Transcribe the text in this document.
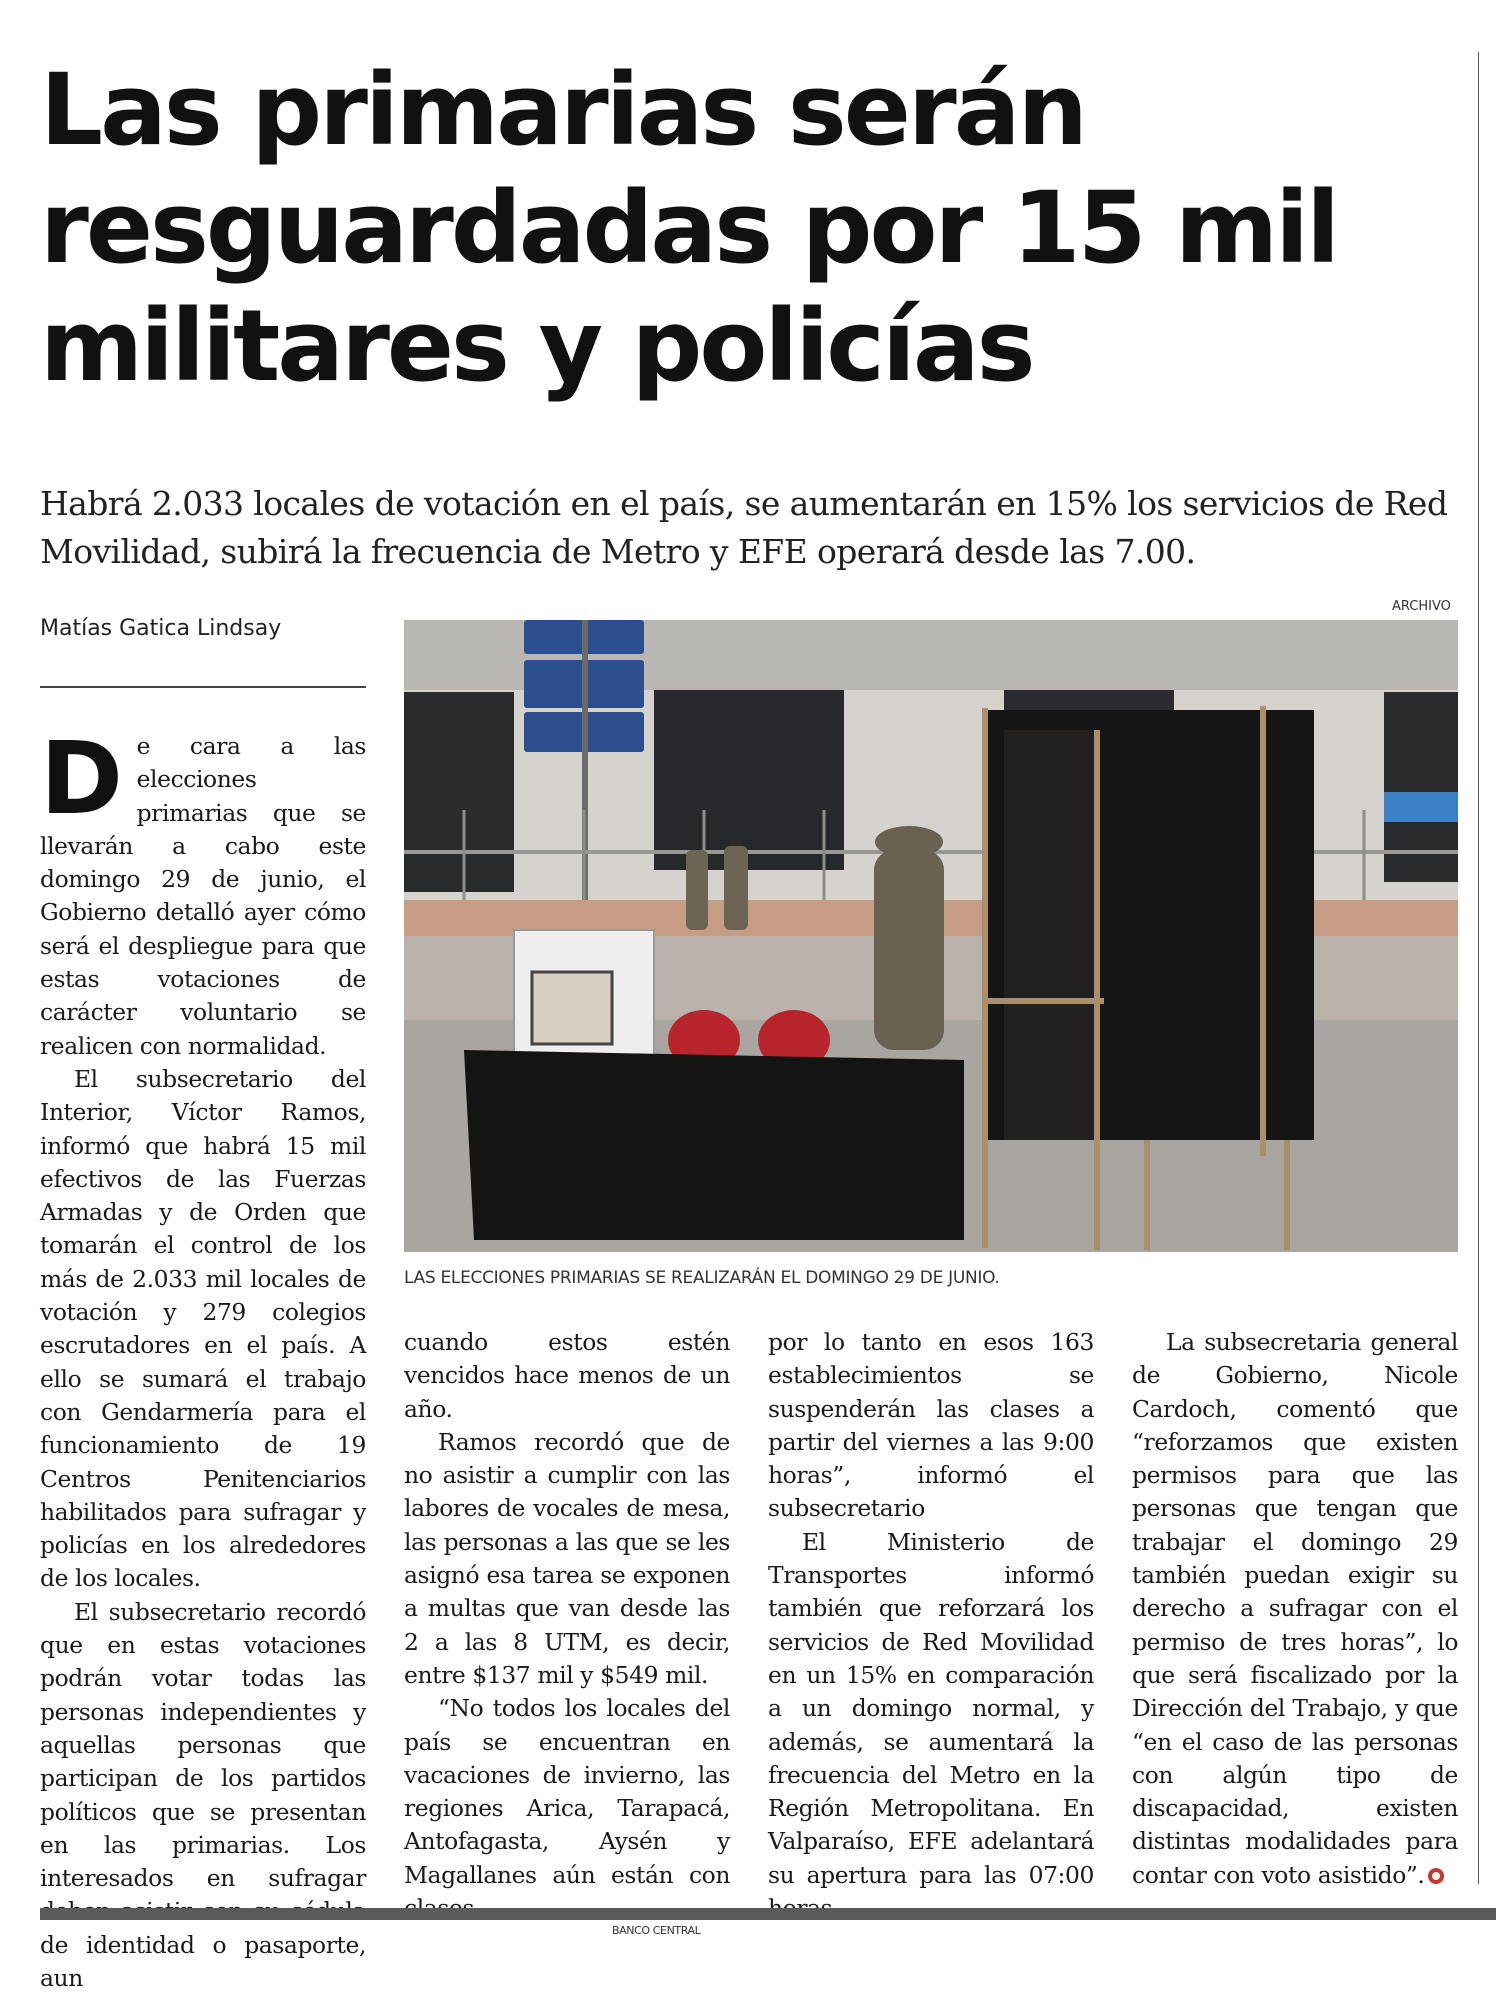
Las primarias serán resguardadas por 15 mil militares y policías

Habrá 2.033 locales de votación en el país, se aumentarán en 15% los servicios de Red Movilidad, subirá la frecuencia de Metro y EFE operará desde las 7.00.

Matías Gatica Lindsay
ARCHIVO
LAS ELECCIONES PRIMARIAS SE REALIZARÁN EL DOMINGO 29 DE JUNIO.
D e cara a las elecciones primarias que se llevarán a cabo este domingo 29 de junio, el Gobierno detalló ayer cómo será el despliegue para que estas votaciones de carácter voluntario se realicen con normalidad.

El subsecretario del Interior, Víctor Ramos, informó que habrá 15 mil efectivos de las Fuerzas Armadas y de Orden que tomarán el control de los más de 2.033 mil locales de votación y 279 colegios escrutadores en el país. A ello se sumará el trabajo con Gendarmería para el funcionamiento de 19 Centros Penitenciarios habilitados para sufragar y policías en los alrededores de los locales.

El subsecretario recordó que en estas votaciones podrán votar todas las personas independientes y aquellas personas que participan de los partidos políticos que se presentan en las primarias. Los interesados en sufragar de identidad o pasaporte, aun

cuando estos estén vencidos hace menos de un año.

Ramos recordó que de no asistir a cumplir con las labores de vocales de mesa, las personas a las que se les asignó esa tarea se exponen a multas que van desde las 2 a las 8 UTM, es decir, entre $137 mil y $549 mil.

“No todos los locales del país se encuentran en vacaciones de invierno, las regiones Arica, Tarapacá, Antofagasta, Aysén y Magallanes aún están con

por lo tanto en esos 163 establecimientos se suspenderán las clases a partir del viernes a las 9:00 horas”, informó el subsecretario

El Ministerio de Transportes informó también que reforzará los servicios de Red Movilidad en un 15% en comparación a un domingo normal, y además, se aumentará la frecuencia del Metro en la Región Metropolitana. En Valparaíso, EFE adelantará su apertura para las 07:00

La subsecretaria general de Gobierno, Nicole Cardoch, comentó que “reforzamos que existen permisos para que las personas que tengan que trabajar el domingo 29 también puedan exigir su derecho a sufragar con el permiso de tres horas”, lo que será fiscalizado por la Dirección del Trabajo, y que “en el caso de las personas con algún tipo de discapacidad, existen distintas modalidades para contar con voto asistido”.

BANCO CENTRAL
